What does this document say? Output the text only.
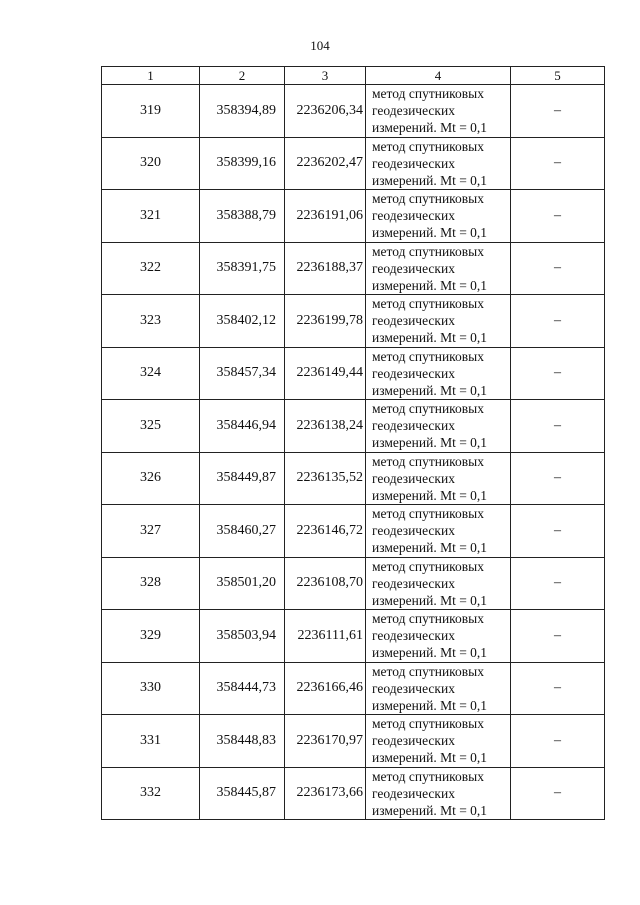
104
1	2	3	4	5
319	358394,89	2236206,34	метод спутниковых
геодезических
измерений. Mt = 0,1	–
320	358399,16	2236202,47	метод спутниковых
геодезических
измерений. Mt = 0,1	–
321	358388,79	2236191,06	метод спутниковых
геодезических
измерений. Mt = 0,1	–
322	358391,75	2236188,37	метод спутниковых
геодезических
измерений. Mt = 0,1	–
323	358402,12	2236199,78	метод спутниковых
геодезических
измерений. Mt = 0,1	–
324	358457,34	2236149,44	метод спутниковых
геодезических
измерений. Mt = 0,1	–
325	358446,94	2236138,24	метод спутниковых
геодезических
измерений. Mt = 0,1	–
326	358449,87	2236135,52	метод спутниковых
геодезических
измерений. Mt = 0,1	–
327	358460,27	2236146,72	метод спутниковых
геодезических
измерений. Mt = 0,1	–
328	358501,20	2236108,70	метод спутниковых
геодезических
измерений. Mt = 0,1	–
329	358503,94	2236111,61	метод спутниковых
геодезических
измерений. Mt = 0,1	–
330	358444,73	2236166,46	метод спутниковых
геодезических
измерений. Mt = 0,1	–
331	358448,83	2236170,97	метод спутниковых
геодезических
измерений. Mt = 0,1	–
332	358445,87	2236173,66	метод спутниковых
геодезических
измерений. Mt = 0,1	–
